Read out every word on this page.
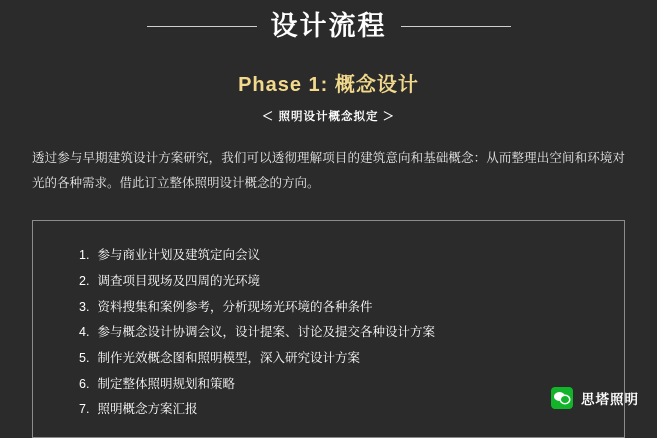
设计流程
Phase 1: 概念设计
＜ 照明设计概念拟定 ＞
透过参与早期建筑设计方案研究，我们可以透彻理解项目的建筑意向和基础概念：从而整理出空间和环境对光的各种需求。借此订立整体照明设计概念的方向。
1. 参与商业计划及建筑定向会议
2. 调查项目现场及四周的光环境
3. 资料搜集和案例参考，分析现场光环境的各种条件
4. 参与概念设计协调会议，设计提案、讨论及提交各种设计方案
5. 制作光效概念图和照明模型，深入研究设计方案
6. 制定整体照明规划和策略
7. 照明概念方案汇报
思塔照明
